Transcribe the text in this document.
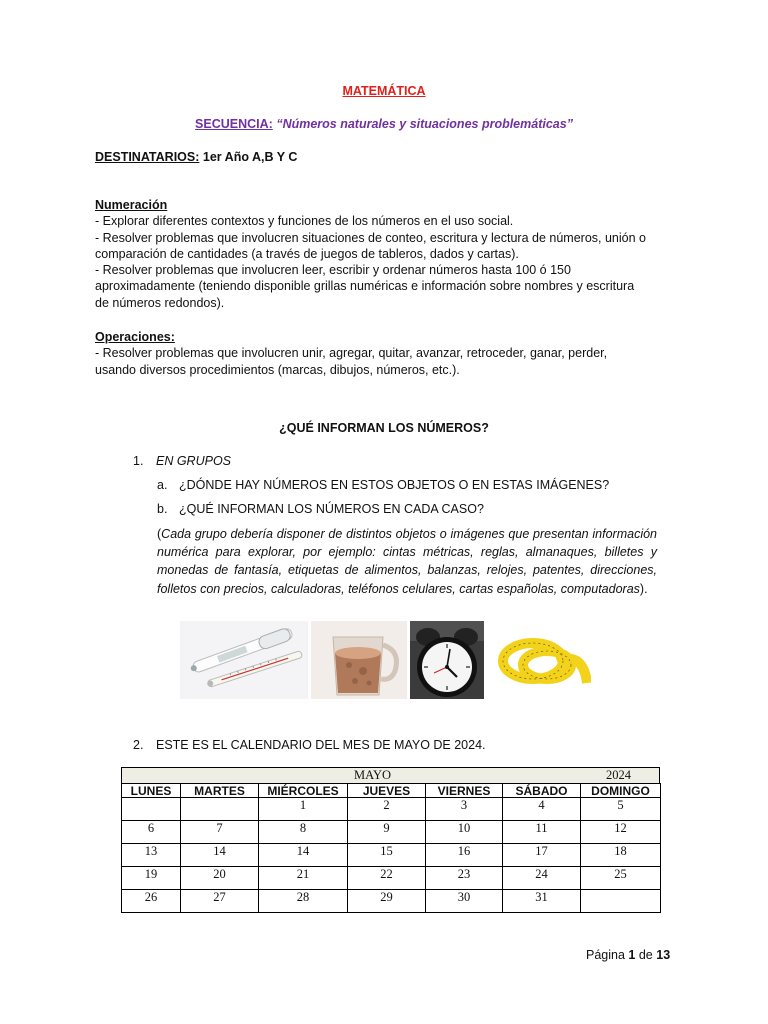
MATEMÁTICA
SECUENCIA: “Números naturales y situaciones problemáticas”
DESTINATARIOS: 1er Año A,B Y C

Numeración

- Explorar diferentes contextos y funciones de los números en el uso social.

- Resolver problemas que involucren situaciones de conteo, escritura y lectura de números, unión o

comparación de cantidades (a través de juegos de tableros, dados y cartas).

- Resolver problemas que involucren leer, escribir y ordenar números hasta 100 ó 150

aproximadamente (teniendo disponible grillas numéricas e información sobre nombres y escritura

de números redondos).

Operaciones:

- Resolver problemas que involucren unir, agregar, quitar, avanzar, retroceder, ganar, perder,

usando diversos procedimientos (marcas, dibujos, números, etc.).

¿QUÉ INFORMAN LOS NÚMEROS?
1. EN GRUPOS
a. ¿DÓNDE HAY NÚMEROS EN ESTOS OBJETOS O EN ESTAS IMÁGENES?
b. ¿QUÉ INFORMAN LOS NÚMEROS EN CADA CASO?
(Cada grupo debería disponer de distintos objetos o imágenes que presentan información numérica para explorar, por ejemplo: cintas métricas, reglas, almanaques, billetes y monedas de fantasía, etiquetas de alimentos, balanzas, relojes, patentes, direcciones, folletos con precios, calculadoras, teléfonos celulares, cartas españolas, computadoras).
2. ESTE ES EL CALENDARIO DEL MES DE MAYO DE 2024.
MAYO	2024
LUNES	MARTES	MIÉRCOLES	JUEVES	VIERNES	SÁBADO	DOMINGO
		1	2	3	4	5
6	7	8	9	10	11	12
13	14	14	15	16	17	18
19	20	21	22	23	24	25
26	27	28	29	30	31	
Página 1 de 13
